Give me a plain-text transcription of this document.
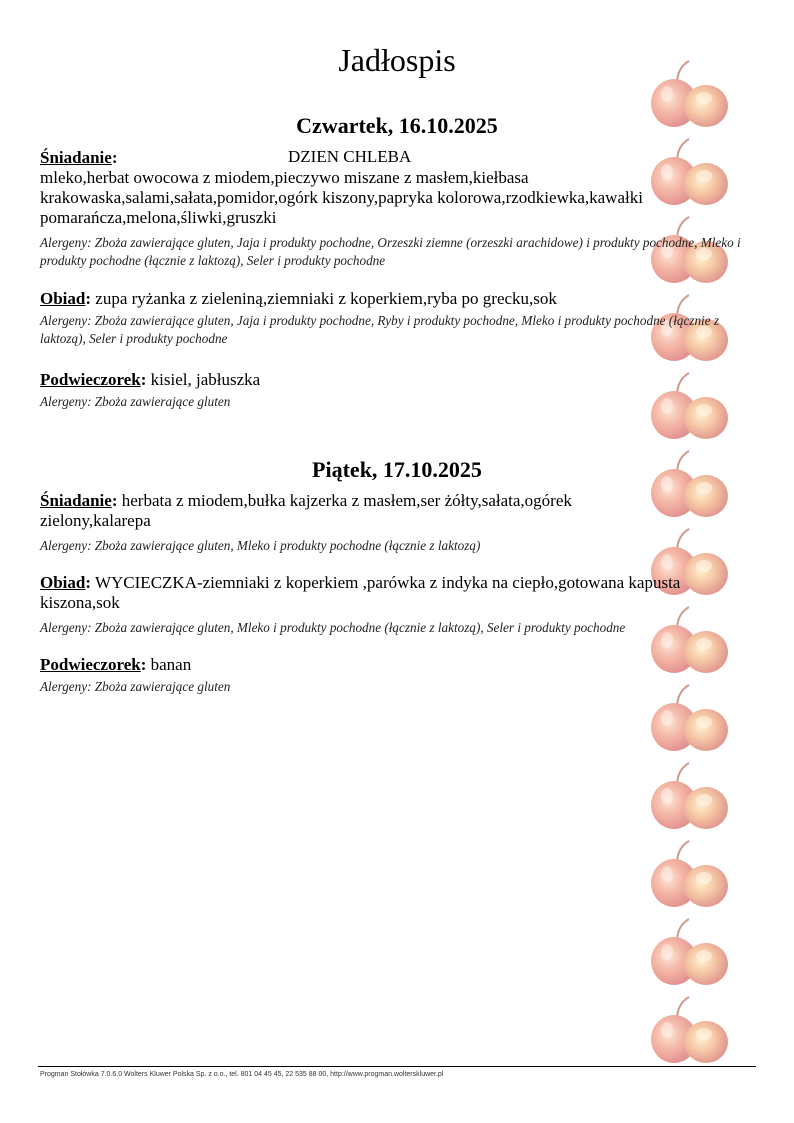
Jadłospis
Czwartek, 16.10.2025
DZIEN CHLEBA
Śniadanie:
mleko,herbat owocowa z miodem,pieczywo miszane z masłem,kiełbasa krakowaska,salami,sałata,pomidor,ogórk kiszony,papryka kolorowa,rzodkiewka,kawałki pomarańcza,melona,śliwki,gruszki
Alergeny: Zboża zawierające gluten, Jaja i produkty pochodne, Orzeszki ziemne (orzeszki arachidowe) i produkty pochodne, Mleko i produkty pochodne (łącznie z laktozą), Seler i produkty pochodne
Obiad: zupa ryżanka z zieleniną,ziemniaki z koperkiem,ryba po grecku,sok
Alergeny: Zboża zawierające gluten, Jaja i produkty pochodne, Ryby i produkty pochodne, Mleko i produkty pochodne (łącznie z laktozą), Seler i produkty pochodne
Podwieczorek: kisiel, jabłuszka
Alergeny: Zboża zawierające gluten
Piątek, 17.10.2025
Śniadanie: herbata z miodem,bułka kajzerka z masłem,ser żółty,sałata,ogórek zielony,kalarepa
Alergeny: Zboża zawierające gluten, Mleko i produkty pochodne (łącznie z laktozą)
Obiad: WYCIECZKA-ziemniaki z koperkiem ,parówka z indyka na ciepło,gotowana kapusta kiszona,sok
Alergeny: Zboża zawierające gluten, Mleko i produkty pochodne (łącznie z laktozą), Seler i produkty pochodne
Podwieczorek: banan
Alergeny: Zboża zawierające gluten
Progman Stołówka 7.0.6.0 Wolters Kluwer Polska Sp. z o.o., tel. 801 04 45 45, 22 535 88 00, http://www.progman.wolterskluwer.pl
